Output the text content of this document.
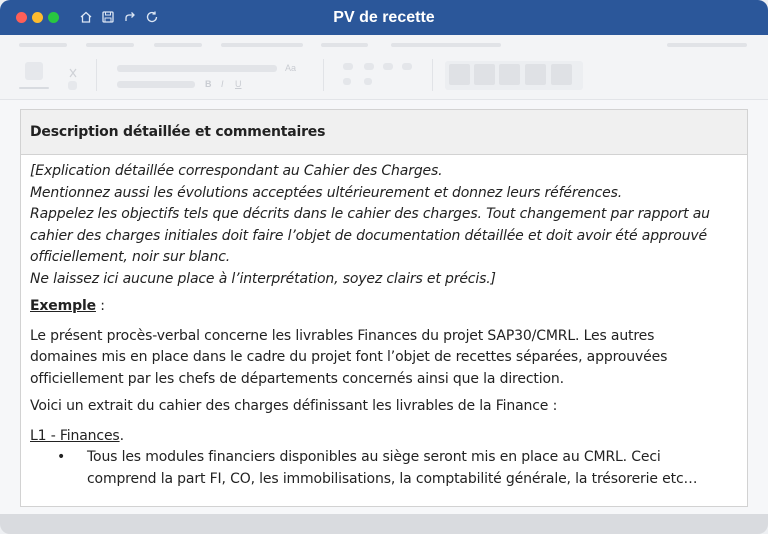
PV de recette
Aa
B I U
Description détaillée et commentaires
[Explication détaillée correspondant au Cahier des Charges.
Mentionnez aussi les évolutions acceptées ultérieurement et donnez leurs références.
Rappelez les objectifs tels que décrits dans le cahier des charges. Tout changement par rapport au
cahier des charges initiales doit faire l’objet de documentation détaillée et doit avoir été approuvé
officiellement, noir sur blanc.
Ne laissez ici aucune place à l’interprétation, soyez clairs et précis.]
Exemple :
Le présent procès-verbal concerne les livrables Finances du projet SAP30/CMRL. Les autres
domaines mis en place dans le cadre du projet font l’objet de recettes séparées, approuvées
officiellement par les chefs de départements concernés ainsi que la direction.
Voici un extrait du cahier des charges définissant les livrables de la Finance :
L1 - Finances.
• Tous les modules financiers disponibles au siège seront mis en place au CMRL. Ceci
comprend la part FI, CO, les immobilisations, la comptabilité générale, la trésorerie etc…
